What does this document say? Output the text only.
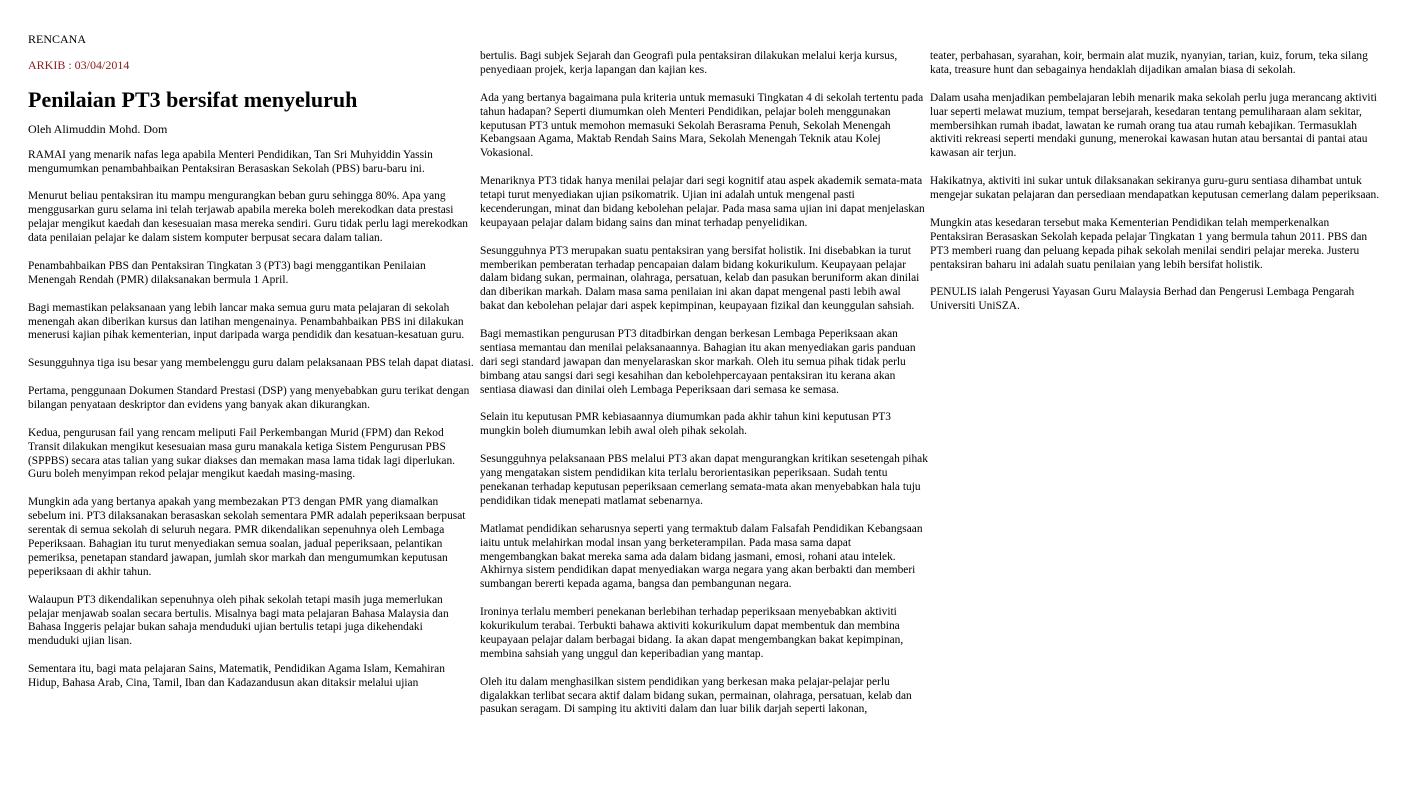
RENCANA
ARKIB : 03/04/2014
Penilaian PT3 bersifat menyeluruh
Oleh Alimuddin Mohd. Dom

RAMAI yang menarik nafas lega apabila Menteri Pendidikan, Tan Sri Muhyiddin Yassin mengumumkan penambahbaikan Pentaksiran Berasaskan Sekolah (PBS) baru-baru ini.

Menurut beliau pentaksiran itu mampu mengurangkan beban guru sehingga 80%. Apa yang menggusarkan guru selama ini telah terjawab apabila mereka boleh merekodkan data prestasi pelajar mengikut kaedah dan kesesuaian masa mereka sendiri. Guru tidak perlu lagi merekodkan data penilaian pelajar ke dalam sistem komputer berpusat secara dalam talian.

Penambahbaikan PBS dan Pentaksiran Tingkatan 3 (PT3) bagi menggantikan Penilaian Menengah Rendah (PMR) dilaksanakan bermula 1 April.

Bagi memastikan pelaksanaan yang lebih lancar maka semua guru mata pelajaran di sekolah menengah akan diberikan kursus dan latihan mengenainya. Penambahbaikan PBS ini dilakukan menerusi kajian pihak kementerian, input daripada warga pendidik dan kesatuan-kesatuan guru.

Sesungguhnya tiga isu besar yang membelenggu guru dalam pelaksanaan PBS telah dapat diatasi.

Pertama, penggunaan Dokumen Standard Prestasi (DSP) yang menyebabkan guru terikat dengan bilangan penyataan deskriptor dan evidens yang banyak akan dikurangkan.

Kedua, pengurusan fail yang rencam meliputi Fail Perkembangan Murid (FPM) dan Rekod Transit dilakukan mengikut kesesuaian masa guru manakala ketiga Sistem Pengurusan PBS (SPPBS) secara atas talian yang sukar diakses dan memakan masa lama tidak lagi diperlukan. Guru boleh menyimpan rekod pelajar mengikut kaedah masing-masing.

Mungkin ada yang bertanya apakah yang membezakan PT3 dengan PMR yang diamalkan sebelum ini. PT3 dilaksanakan berasaskan sekolah sementara PMR adalah peperiksaan berpusat serentak di semua sekolah di seluruh negara. PMR dikendalikan sepenuhnya oleh Lembaga Peperiksaan. Bahagian itu turut menyediakan semua soalan, jadual peperiksaan, pelantikan pemeriksa, penetapan standard jawapan, jumlah skor markah dan mengumumkan keputusan peperiksaan di akhir tahun.

Walaupun PT3 dikendalikan sepenuhnya oleh pihak sekolah tetapi masih juga memerlukan pelajar menjawab soalan secara bertulis. Misalnya bagi mata pelajaran Bahasa Malaysia dan Bahasa Inggeris pelajar bukan sahaja menduduki ujian bertulis tetapi juga dikehendaki menduduki ujian lisan.

Sementara itu, bagi mata pelajaran Sains, Matematik, Pendidikan Agama Islam, Kemahiran Hidup, Bahasa Arab, Cina, Tamil, Iban dan Kadazandusun akan ditaksir melalui ujian

bertulis. Bagi subjek Sejarah dan Geografi pula pentaksiran dilakukan melalui kerja kursus, penyediaan projek, kerja lapangan dan kajian kes.

Ada yang bertanya bagaimana pula kriteria untuk memasuki Tingkatan 4 di sekolah tertentu pada tahun hadapan? Seperti diumumkan oleh Menteri Pendidikan, pelajar boleh menggunakan keputusan PT3 untuk memohon memasuki Sekolah Berasrama Penuh, Sekolah Menengah Kebangsaan Agama, Maktab Rendah Sains Mara, Sekolah Menengah Teknik atau Kolej Vokasional.

Menariknya PT3 tidak hanya menilai pelajar dari segi kognitif atau aspek akademik semata-mata tetapi turut menyediakan ujian psikomatrik. Ujian ini adalah untuk mengenal pasti kecenderungan, minat dan bidang kebolehan pelajar. Pada masa sama ujian ini dapat menjelaskan keupayaan pelajar dalam bidang sains dan minat terhadap penyelidikan.

Sesungguhnya PT3 merupakan suatu pentaksiran yang bersifat holistik. Ini disebabkan ia turut memberikan pemberatan terhadap pencapaian dalam bidang kokurikulum. Keupayaan pelajar dalam bidang sukan, permainan, olahraga, persatuan, kelab dan pasukan beruniform akan dinilai dan diberikan markah. Dalam masa sama penilaian ini akan dapat mengenal pasti lebih awal bakat dan kebolehan pelajar dari aspek kepimpinan, keupayaan fizikal dan keunggulan sahsiah.

Bagi memastikan pengurusan PT3 ditadbirkan dengan berkesan Lembaga Peperiksaan akan sentiasa memantau dan menilai pelaksanaannya. Bahagian itu akan menyediakan garis panduan dari segi standard jawapan dan menyelaraskan skor markah. Oleh itu semua pihak tidak perlu bimbang atau sangsi dari segi kesahihan dan kebolehpercayaan pentaksiran itu kerana akan sentiasa diawasi dan dinilai oleh Lembaga Peperiksaan dari semasa ke semasa.

Selain itu keputusan PMR kebiasaannya diumumkan pada akhir tahun kini keputusan PT3 mungkin boleh diumumkan lebih awal oleh pihak sekolah.

Sesungguhnya pelaksanaan PBS melalui PT3 akan dapat mengurangkan kritikan sesetengah pihak yang mengatakan sistem pendidikan kita terlalu berorientasikan peperiksaan. Sudah tentu penekanan terhadap keputusan peperiksaan cemerlang semata-mata akan menyebabkan hala tuju pendidikan tidak menepati matlamat sebenarnya.

Matlamat pendidikan seharusnya seperti yang termaktub dalam Falsafah Pendidikan Kebangsaan iaitu untuk melahirkan modal insan yang berketerampilan. Pada masa sama dapat mengembangkan bakat mereka sama ada dalam bidang jasmani, emosi, rohani atau intelek. Akhirnya sistem pendidikan dapat menyediakan warga negara yang akan berbakti dan memberi sumbangan bererti kepada agama, bangsa dan pembangunan negara.

Ironinya terlalu memberi penekanan berlebihan terhadap peperiksaan menyebabkan aktiviti kokurikulum terabai. Terbukti bahawa aktiviti kokurikulum dapat membentuk dan membina keupayaan pelajar dalam berbagai bidang. Ia akan dapat mengembangkan bakat kepimpinan, membina sahsiah yang unggul dan keperibadian yang mantap.

Oleh itu dalam menghasilkan sistem pendidikan yang berkesan maka pelajar-pelajar perlu digalakkan terlibat secara aktif dalam bidang sukan, permainan, olahraga, persatuan, kelab dan pasukan seragam. Di samping itu aktiviti dalam dan luar bilik darjah seperti lakonan,

teater, perbahasan, syarahan, koir, bermain alat muzik, nyanyian, tarian, kuiz, forum, teka silang kata, treasure hunt dan sebagainya hendaklah dijadikan amalan biasa di sekolah.

Dalam usaha menjadikan pembelajaran lebih menarik maka sekolah perlu juga merancang aktiviti luar seperti melawat muzium, tempat bersejarah, kesedaran tentang pemuliharaan alam sekitar, membersihkan rumah ibadat, lawatan ke rumah orang tua atau rumah kebajikan. Termasuklah aktiviti rekreasi seperti mendaki gunung, menerokai kawasan hutan atau bersantai di pantai atau kawasan air terjun.

Hakikatnya, aktiviti ini sukar untuk dilaksanakan sekiranya guru-guru sentiasa dihambat untuk mengejar sukatan pelajaran dan persediaan mendapatkan keputusan cemerlang dalam peperiksaan.

Mungkin atas kesedaran tersebut maka Kementerian Pendidikan telah memperkenalkan Pentaksiran Berasaskan Sekolah kepada pelajar Tingkatan 1 yang bermula tahun 2011. PBS dan PT3 memberi ruang dan peluang kepada pihak sekolah menilai sendiri pelajar mereka. Justeru pentaksiran baharu ini adalah suatu penilaian yang lebih bersifat holistik.

PENULIS ialah Pengerusi Yayasan Guru Malaysia Berhad dan Pengerusi Lembaga Pengarah Universiti UniSZA.
